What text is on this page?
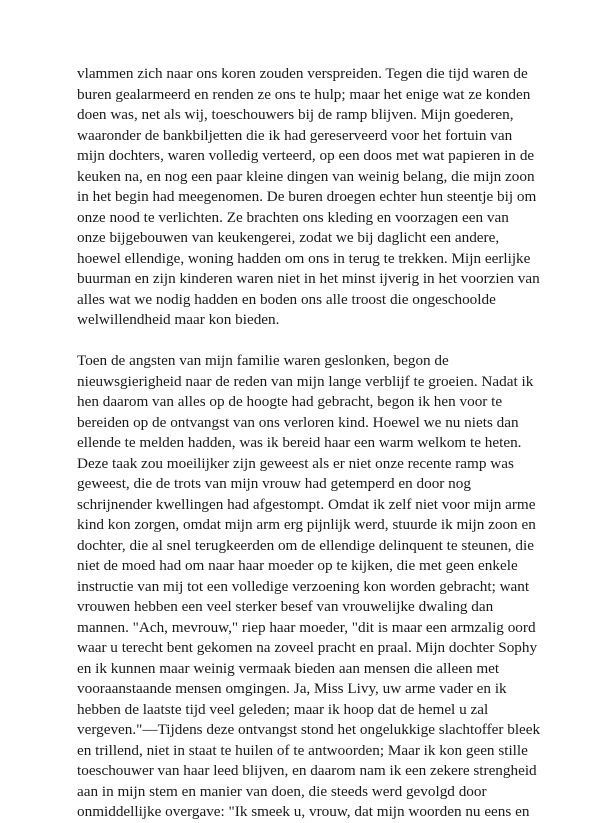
vlammen zich naar ons koren zouden verspreiden. Tegen die tijd waren de
buren gealarmeerd en renden ze ons te hulp; maar het enige wat ze konden
doen was, net als wij, toeschouwers bij de ramp blijven. Mijn goederen,
waaronder de bankbiljetten die ik had gereserveerd voor het fortuin van
mijn dochters, waren volledig verteerd, op een doos met wat papieren in de
keuken na, en nog een paar kleine dingen van weinig belang, die mijn zoon
in het begin had meegenomen. De buren droegen echter hun steentje bij om
onze nood te verlichten. Ze brachten ons kleding en voorzagen een van
onze bijgebouwen van keukengerei, zodat we bij daglicht een andere,
hoewel ellendige, woning hadden om ons in terug te trekken. Mijn eerlijke
buurman en zijn kinderen waren niet in het minst ijverig in het voorzien van
alles wat we nodig hadden en boden ons alle troost die ongeschoolde
welwillendheid maar kon bieden.
Toen de angsten van mijn familie waren geslonken, begon de
nieuwsgierigheid naar de reden van mijn lange verblijf te groeien. Nadat ik
hen daarom van alles op de hoogte had gebracht, begon ik hen voor te
bereiden op de ontvangst van ons verloren kind. Hoewel we nu niets dan
ellende te melden hadden, was ik bereid haar een warm welkom te heten.
Deze taak zou moeilijker zijn geweest als er niet onze recente ramp was
geweest, die de trots van mijn vrouw had getemperd en door nog
schrijnender kwellingen had afgestompt. Omdat ik zelf niet voor mijn arme
kind kon zorgen, omdat mijn arm erg pijnlijk werd, stuurde ik mijn zoon en
dochter, die al snel terugkeerden om de ellendige delinquent te steunen, die
niet de moed had om naar haar moeder op te kijken, die met geen enkele
instructie van mij tot een volledige verzoening kon worden gebracht; want
vrouwen hebben een veel sterker besef van vrouwelijke dwaling dan
mannen. "Ach, mevrouw," riep haar moeder, "dit is maar een armzalig oord
waar u terecht bent gekomen na zoveel pracht en praal. Mijn dochter Sophy
en ik kunnen maar weinig vermaak bieden aan mensen die alleen met
vooraanstaande mensen omgingen. Ja, Miss Livy, uw arme vader en ik
hebben de laatste tijd veel geleden; maar ik hoop dat de hemel u zal
vergeven."—Tijdens deze ontvangst stond het ongelukkige slachtoffer bleek
en trillend, niet in staat te huilen of te antwoorden; Maar ik kon geen stille
toeschouwer van haar leed blijven, en daarom nam ik een zekere strengheid
aan in mijn stem en manier van doen, die steeds werd gevolgd door
onmiddellijke overgave: "Ik smeek u, vrouw, dat mijn woorden nu eens en
